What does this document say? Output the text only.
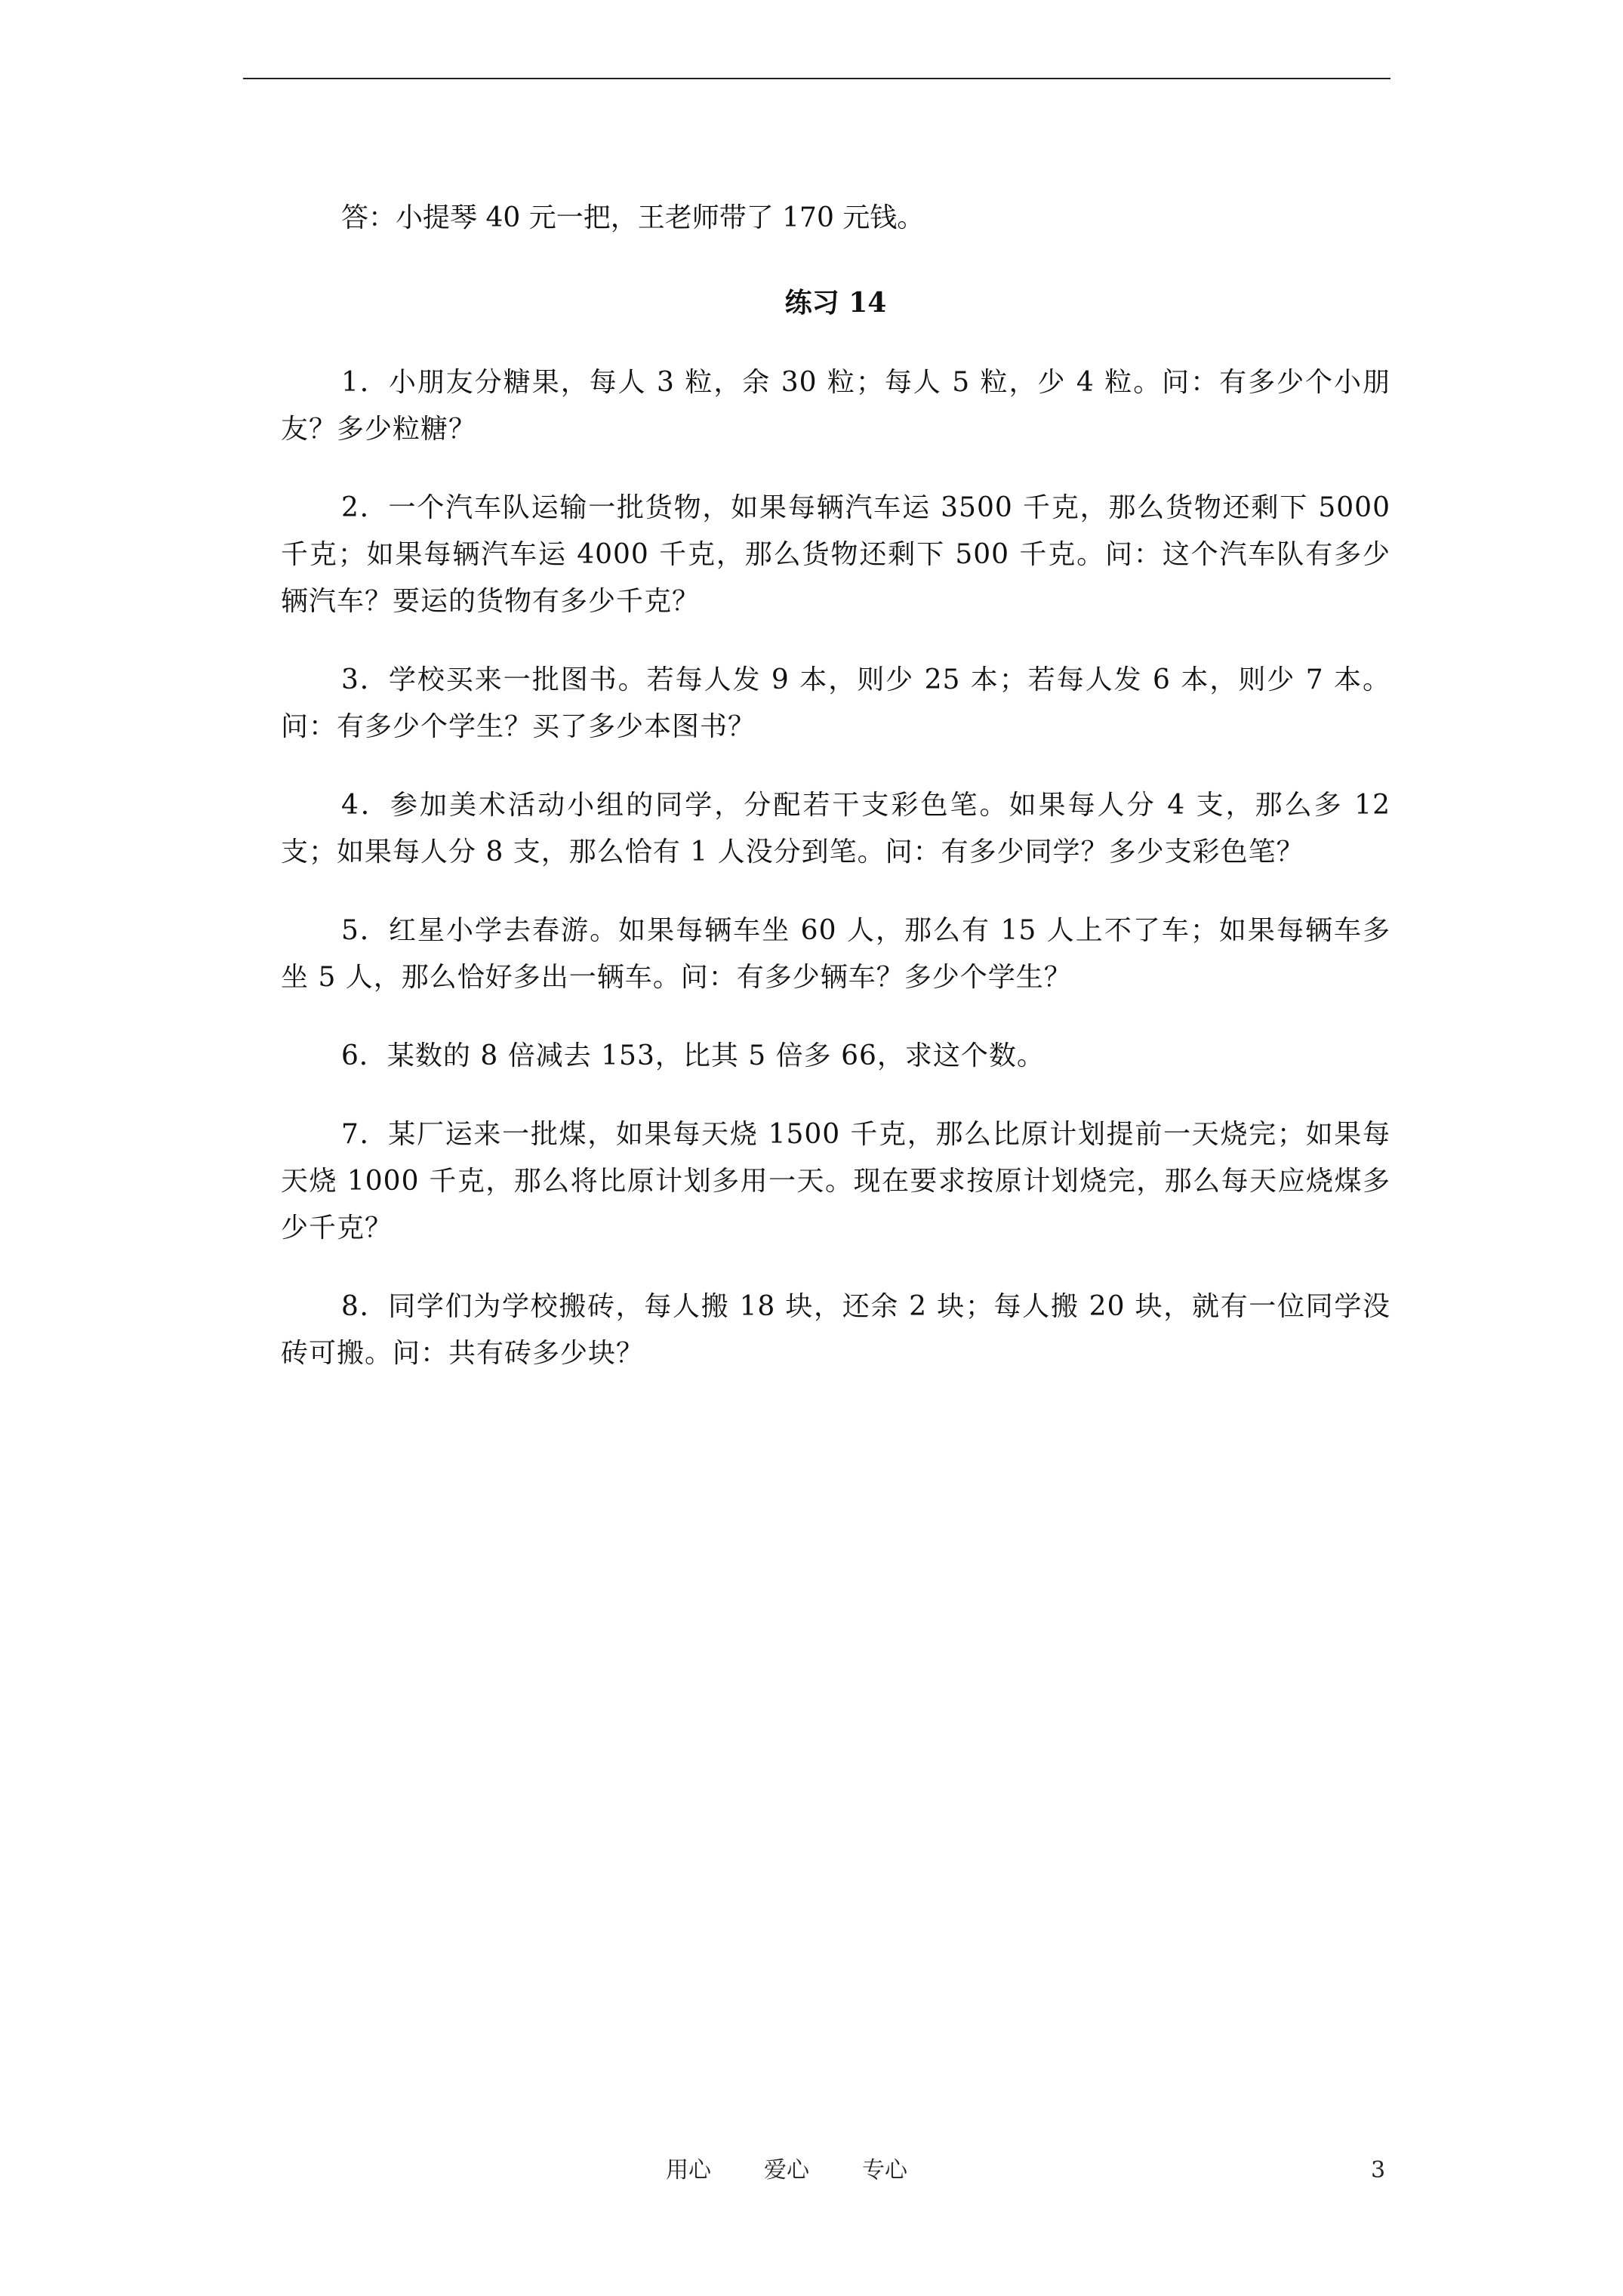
答：小提琴 40 元一把，王老师带了 170 元钱。

练习 14

1．小朋友分糖果，每人 3 粒，余 30 粒；每人 5 粒，少 4 粒。问：有多少个小朋友？多少粒糖？

2．一个汽车队运输一批货物，如果每辆汽车运 3500 千克，那么货物还剩下 5000 千克；如果每辆汽车运 4000 千克，那么货物还剩下 500 千克。问：这个汽车队有多少辆汽车？要运的货物有多少千克？

3．学校买来一批图书。若每人发 9 本，则少 25 本；若每人发 6 本，则少 7 本。问：有多少个学生？买了多少本图书？

4．参加美术活动小组的同学，分配若干支彩色笔。如果每人分 4 支，那么多 12 支；如果每人分 8 支，那么恰有 1 人没分到笔。问：有多少同学？多少支彩色笔？

5．红星小学去春游。如果每辆车坐 60 人，那么有 15 人上不了车；如果每辆车多坐 5 人，那么恰好多出一辆车。问：有多少辆车？多少个学生？

6．某数的 8 倍减去 153，比其 5 倍多 66，求这个数。

7．某厂运来一批煤，如果每天烧 1500 千克，那么比原计划提前一天烧完；如果每天烧 1000 千克，那么将比原计划多用一天。现在要求按原计划烧完，那么每天应烧煤多少千克？

8．同学们为学校搬砖，每人搬 18 块，还余 2 块；每人搬 20 块，就有一位同学没砖可搬。问：共有砖多少块？

用心 爱心 专心	3
